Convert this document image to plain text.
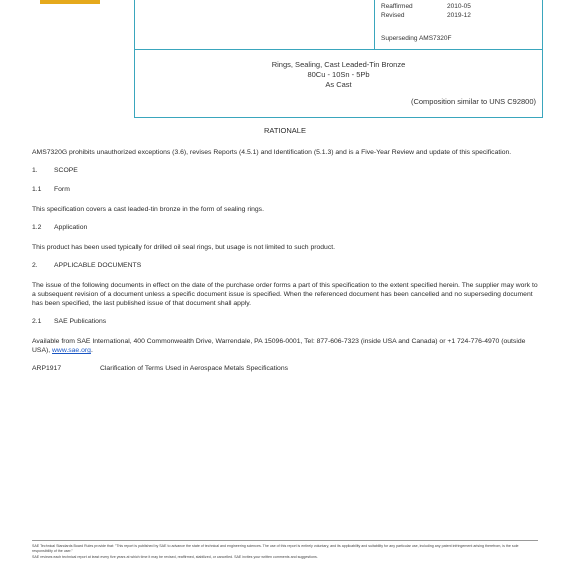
Reaffirmed	2010-05
Revised	2019-12
Superseding AMS7320F
Rings, Sealing, Cast Leaded-Tin Bronze
80Cu - 10Sn - 5Pb
As Cast
(Composition similar to UNS C92800)
RATIONALE

AMS7320G prohibits unauthorized exceptions (3.6), revises Reports (4.5.1) and Identification (5.1.3) and is a Five-Year Review and update of this specification.

1. SCOPE
1.1 Form

This specification covers a cast leaded-tin bronze in the form of sealing rings.

1.2 Application

This product has been used typically for drilled oil seal rings, but usage is not limited to such product.

2. APPLICABLE DOCUMENTS

The issue of the following documents in effect on the date of the purchase order forms a part of this specification to the extent specified herein. The supplier may work to a subsequent revision of a document unless a specific document issue is specified. When the referenced document has been cancelled and no superseding document has been specified, the last published issue of that document shall apply.

2.1 SAE Publications

Available from SAE International, 400 Commonwealth Drive, Warrendale, PA 15096-0001, Tel: 877-606-7323 (inside USA and Canada) or +1 724-776-4970 (outside USA), www.sae.org.

ARP1917	Clarification of Terms Used in Aerospace Metals Specifications

SAE Technical Standards Board Rules provide that: "This report is published by SAE to advance the state of technical and engineering sciences. The use of this report is entirely voluntary, and its applicability and suitability for any particular use, including any patent infringement arising therefrom, is the sole responsibility of the user."

SAE reviews each technical report at least every five years at which time it may be revised, reaffirmed, stabilized, or cancelled. SAE invites your written comments and suggestions.
